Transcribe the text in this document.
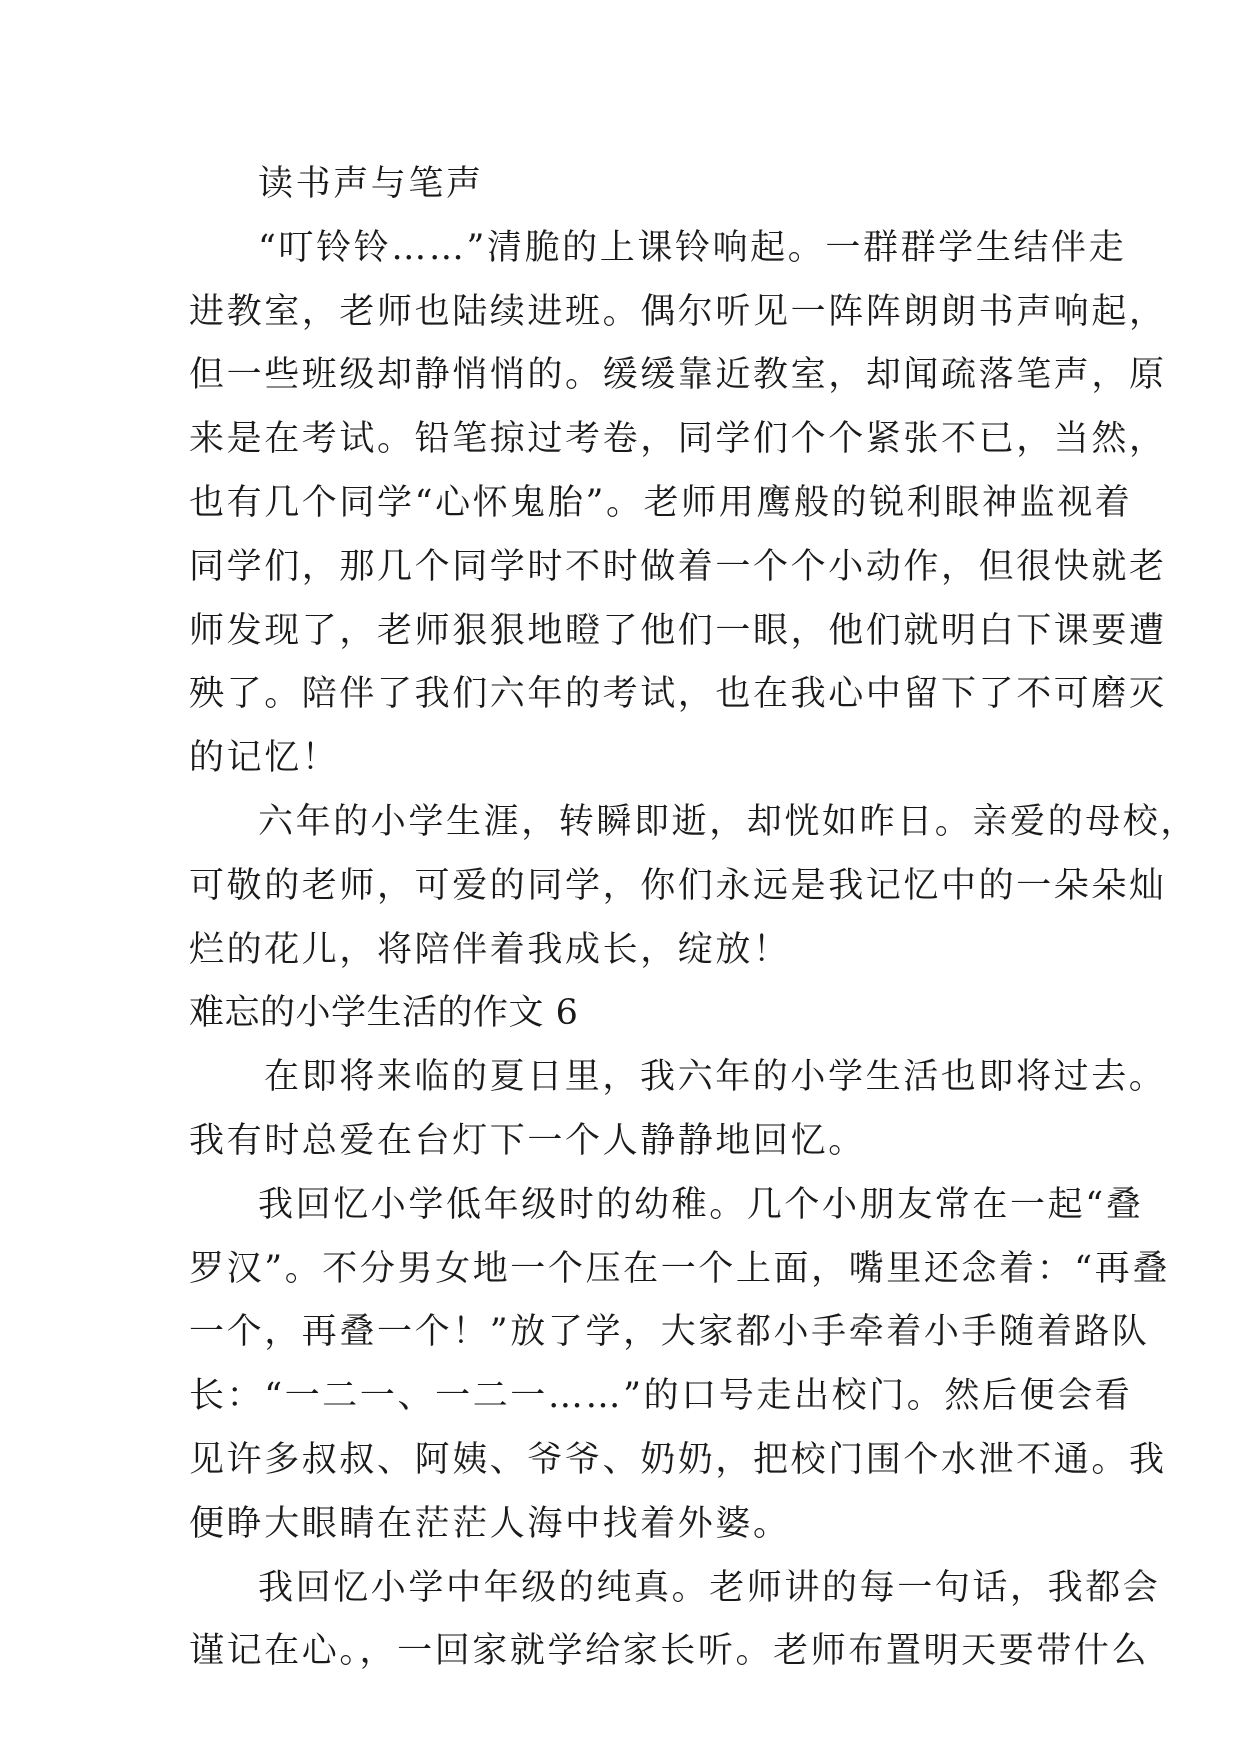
读书声与笔声
“叮铃铃……”清脆的上课铃响起。一群群学生结伴走
进教室，老师也陆续进班。偶尔听见一阵阵朗朗书声响起，
但一些班级却静悄悄的。缓缓靠近教室，却闻疏落笔声，原
来是在考试。铅笔掠过考卷，同学们个个紧张不已，当然，
也有几个同学“心怀鬼胎”。老师用鹰般的锐利眼神监视着
同学们，那几个同学时不时做着一个个小动作，但很快就老
师发现了，老师狠狠地瞪了他们一眼，他们就明白下课要遭
殃了。陪伴了我们六年的考试，也在我心中留下了不可磨灭
的记忆！
六年的小学生涯，转瞬即逝，却恍如昨日。亲爱的母校，
可敬的老师，可爱的同学，你们永远是我记忆中的一朵朵灿
烂的花儿，将陪伴着我成长，绽放！
难忘的小学生活的作文 6
在即将来临的夏日里，我六年的小学生活也即将过去。
我有时总爱在台灯下一个人静静地回忆。
我回忆小学低年级时的幼稚。几个小朋友常在一起“叠
罗汉”。不分男女地一个压在一个上面，嘴里还念着：“再叠
一个，再叠一个！”放了学，大家都小手牵着小手随着路队
长：“一二一、一二一……”的口号走出校门。然后便会看
见许多叔叔、阿姨、爷爷、奶奶，把校门围个水泄不通。我
便睁大眼睛在茫茫人海中找着外婆。
我回忆小学中年级的纯真。老师讲的每一句话，我都会
谨记在心。，一回家就学给家长听。老师布置明天要带什么
